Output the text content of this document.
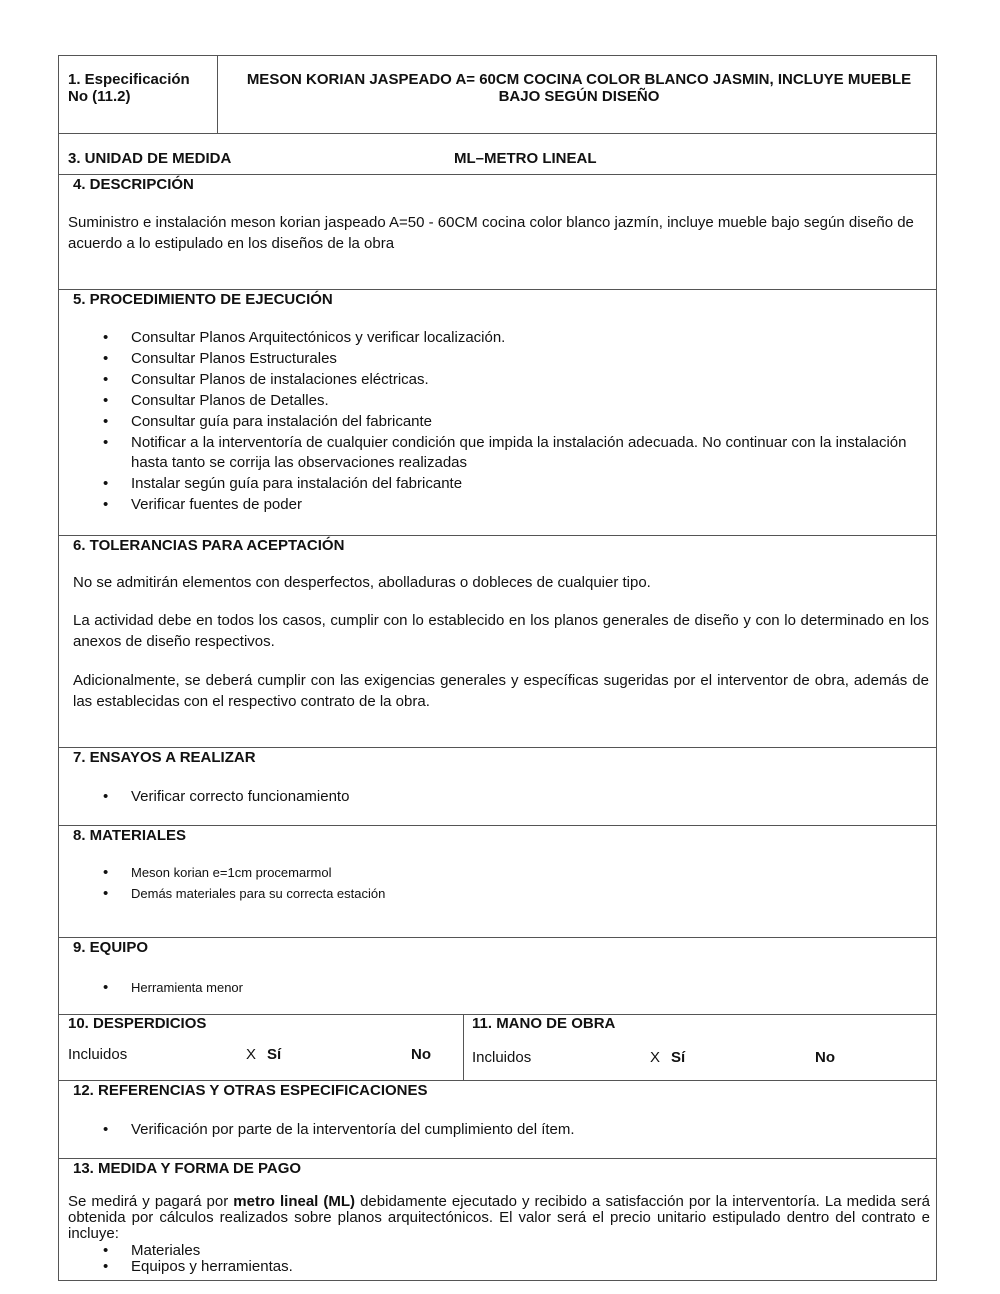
1. Especificación No (11.2)
MESON KORIAN JASPEADO A= 60CM COCINA COLOR BLANCO JASMIN, INCLUYE MUEBLE BAJO SEGÚN DISEÑO
3. UNIDAD DE MEDIDA	ML–METRO LINEAL
4. DESCRIPCIÓN
Suministro e instalación meson korian jaspeado A=50 - 60CM cocina color blanco jazmín, incluye mueble bajo según diseño de acuerdo a lo estipulado en los diseños de la obra
5. PROCEDIMIENTO DE EJECUCIÓN
• Consultar Planos Arquitectónicos y verificar localización.
• Consultar Planos Estructurales
• Consultar Planos de instalaciones eléctricas.
• Consultar Planos de Detalles.
• Consultar guía para instalación del fabricante
• Notificar a la interventoría de cualquier condición que impida la instalación adecuada. No continuar con la instalación hasta tanto se corrija las observaciones realizadas
• Instalar según guía para instalación del fabricante
• Verificar fuentes de poder
6. TOLERANCIAS PARA ACEPTACIÓN
No se admitirán elementos con desperfectos, abolladuras o dobleces de cualquier tipo.
La actividad debe en todos los casos, cumplir con lo establecido en los planos generales de diseño y con lo determinado en los anexos de diseño respectivos.
Adicionalmente, se deberá cumplir con las exigencias generales y específicas sugeridas por el interventor de obra, además de las establecidas con el respectivo contrato de la obra.
7. ENSAYOS A REALIZAR
• Verificar correcto funcionamiento
8. MATERIALES
• Meson korian e=1cm procemarmol
• Demás materiales para su correcta estación
9. EQUIPO
• Herramienta menor
10. DESPERDICIOS
Incluidos	X Sí	No
11. MANO DE OBRA
Incluidos	X Sí	No
12. REFERENCIAS Y OTRAS ESPECIFICACIONES
• Verificación por parte de la interventoría del cumplimiento del ítem.
13. MEDIDA Y FORMA DE PAGO
Se medirá y pagará por metro lineal (ML) debidamente ejecutado y recibido a satisfacción por la interventoría. La medida será obtenida por cálculos realizados sobre planos arquitectónicos. El valor será el precio unitario estipulado dentro del contrato e incluye:
• Materiales
• Equipos y herramientas.
